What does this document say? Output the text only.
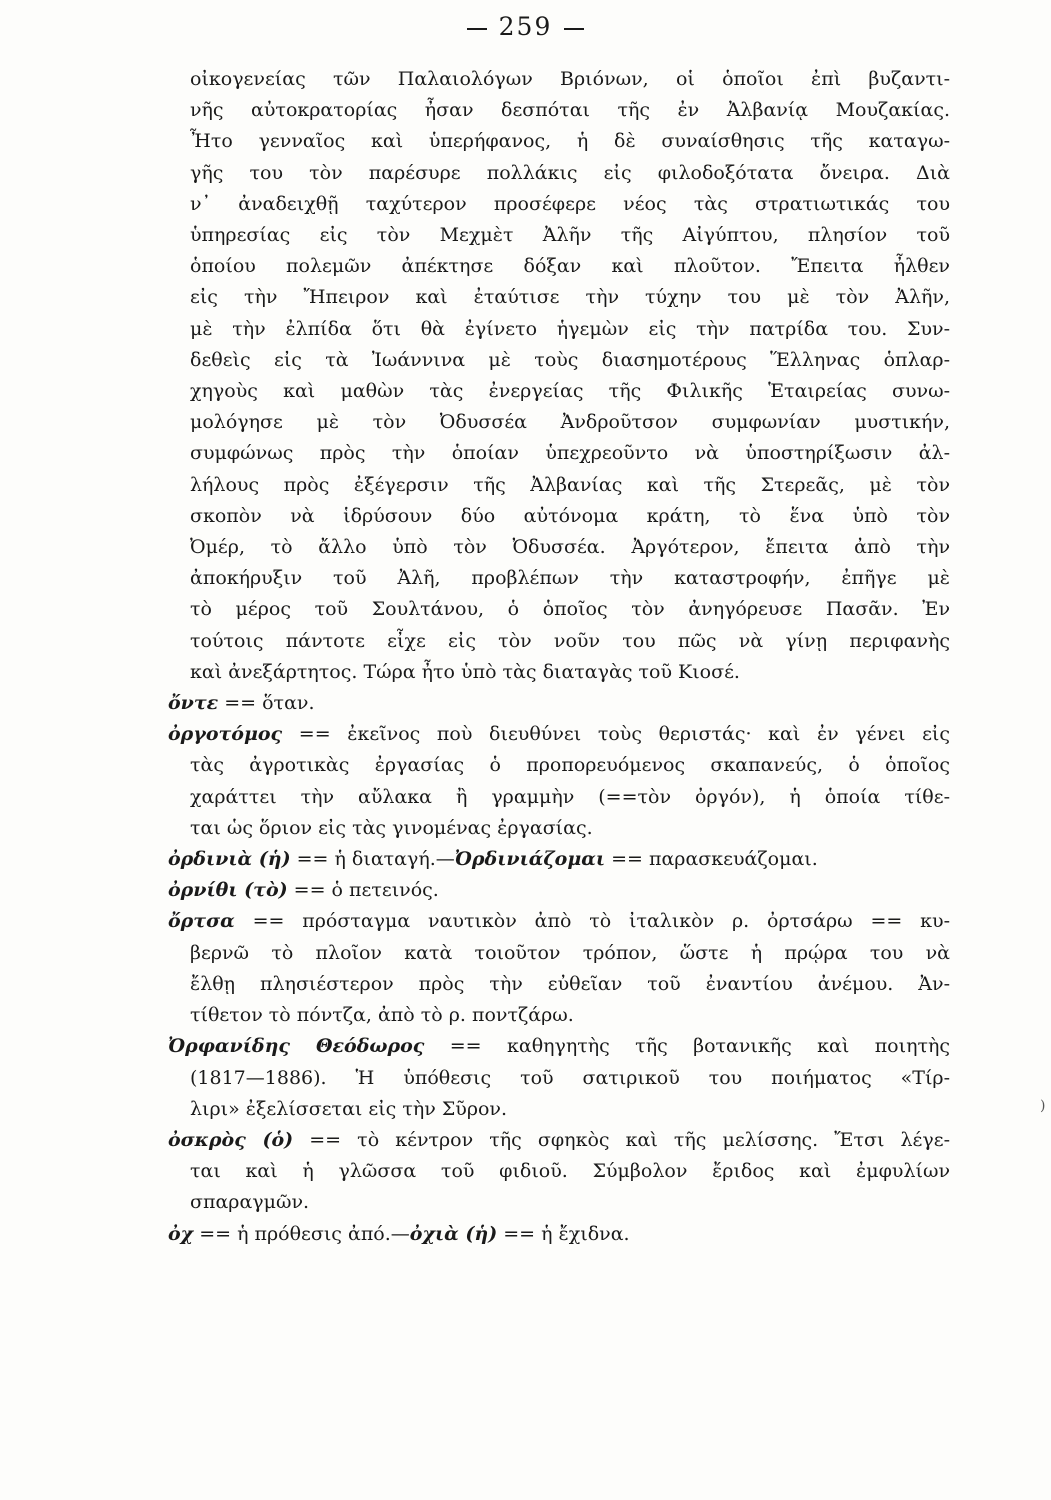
259
οἰκογενείας τῶν Παλαιολόγων Βριόνων, οἱ ὁποῖοι ἐπὶ βυζαντι-
νῆς αὐτοκρατορίας ἦσαν δεσπόται τῆς ἐν Ἀλβανίᾳ Μουζακίας.
Ἦτο γενναῖος καὶ ὑπερήφανος, ἡ δὲ συναίσθησις τῆς καταγω-
γῆς του τὸν παρέσυρε πολλάκις εἰς φιλοδοξότατα ὄνειρα. Διὰ
ν᾽ ἀναδειχθῇ ταχύτερον προσέφερε νέος τὰς στρατιωτικάς του
ὑπηρεσίας εἰς τὸν Μεχμὲτ Ἀλῆν τῆς Αἰγύπτου, πλησίον τοῦ
ὁποίου πολεμῶν ἀπέκτησε δόξαν καὶ πλοῦτον. Ἔπειτα ἦλθεν
εἰς τὴν Ἤπειρον καὶ ἐταύτισε τὴν τύχην του μὲ τὸν Ἀλῆν,
μὲ τὴν ἐλπίδα ὅτι θὰ ἐγίνετο ἡγεμὼν εἰς τὴν πατρίδα του. Συν-
δεθεὶς εἰς τὰ Ἰωάννινα μὲ τοὺς διασημοτέρους Ἕλληνας ὁπλαρ-
χηγοὺς καὶ μαθὼν τὰς ἐνεργείας τῆς Φιλικῆς Ἑταιρείας συνω-
μολόγησε μὲ τὸν Ὀδυσσέα Ἀνδροῦτσον συμφωνίαν μυστικήν,
συμφώνως πρὸς τὴν ὁποίαν ὑπεχρεοῦντο νὰ ὑποστηρίξωσιν ἀλ-
λήλους πρὸς ἐξέγερσιν τῆς Ἀλβανίας καὶ τῆς Στερεᾶς, μὲ τὸν
σκοπὸν νὰ ἱδρύσουν δύο αὐτόνομα κράτη, τὸ ἕνα ὑπὸ τὸν
Ὀμέρ, τὸ ἄλλο ὑπὸ τὸν Ὀδυσσέα. Ἀργότερον, ἔπειτα ἀπὸ τὴν
ἀποκήρυξιν τοῦ Ἀλῆ, προβλέπων τὴν καταστροφήν, ἐπῆγε μὲ
τὸ μέρος τοῦ Σουλτάνου, ὁ ὁποῖος τὸν ἀνηγόρευσε Πασᾶν. Ἐν
τούτοις πάντοτε εἶχε εἰς τὸν νοῦν του πῶς νὰ γίνῃ περιφανὴς
καὶ ἀνεξάρτητος. Τώρα ἦτο ὑπὸ τὰς διαταγὰς τοῦ Κιοσέ.
ὄντε == ὅταν.
ὀργοτόμος == ἐκεῖνος ποὺ διευθύνει τοὺς θεριστάς· καὶ ἐν γένει εἰς
τὰς ἀγροτικὰς ἐργασίας ὁ προπορευόμενος σκαπανεύς, ὁ ὁποῖος
χαράττει τὴν αὔλακα ἢ γραμμὴν (==τὸν ὀργόν), ἡ ὁποία τίθε-
ται ὡς ὅριον εἰς τὰς γινομένας ἐργασίας.
ὀρδινιὰ (ἡ) == ἡ διαταγή.—Ὀρδινιάζομαι == παρασκευάζομαι.
ὀρνίθι (τὸ) == ὁ πετεινός.
ὄρτσα == πρόσταγμα ναυτικὸν ἀπὸ τὸ ἰταλικὸν ρ. ὀρτσάρω == κυ-
βερνῶ τὸ πλοῖον κατὰ τοιοῦτον τρόπον, ὥστε ἡ πρῴρα του νὰ
ἔλθῃ πλησιέστερον πρὸς τὴν εὐθεῖαν τοῦ ἐναντίου ἀνέμου. Ἀν-
τίθετον τὸ πόντζα, ἀπὸ τὸ ρ. ποντζάρω.
Ὀρφανίδης Θεόδωρος == καθηγητὴς τῆς βοτανικῆς καὶ ποιητὴς
(1817—1886). Ἡ ὑπόθεσις τοῦ σατιρικοῦ του ποιήματος «Τίρ-
λιρι» ἐξελίσσεται εἰς τὴν Σῦρον.
ὀσκρὸς (ὁ) == τὸ κέντρον τῆς σφηκὸς καὶ τῆς μελίσσης. Ἔτσι λέγε-
ται καὶ ἡ γλῶσσα τοῦ φιδιοῦ. Σύμβολον ἔριδος καὶ ἐμφυλίων
σπαραγμῶν.
ὀχ == ἡ πρόθεσις ἀπό.—ὀχιὰ (ἡ) == ἡ ἔχιδνα.
)
